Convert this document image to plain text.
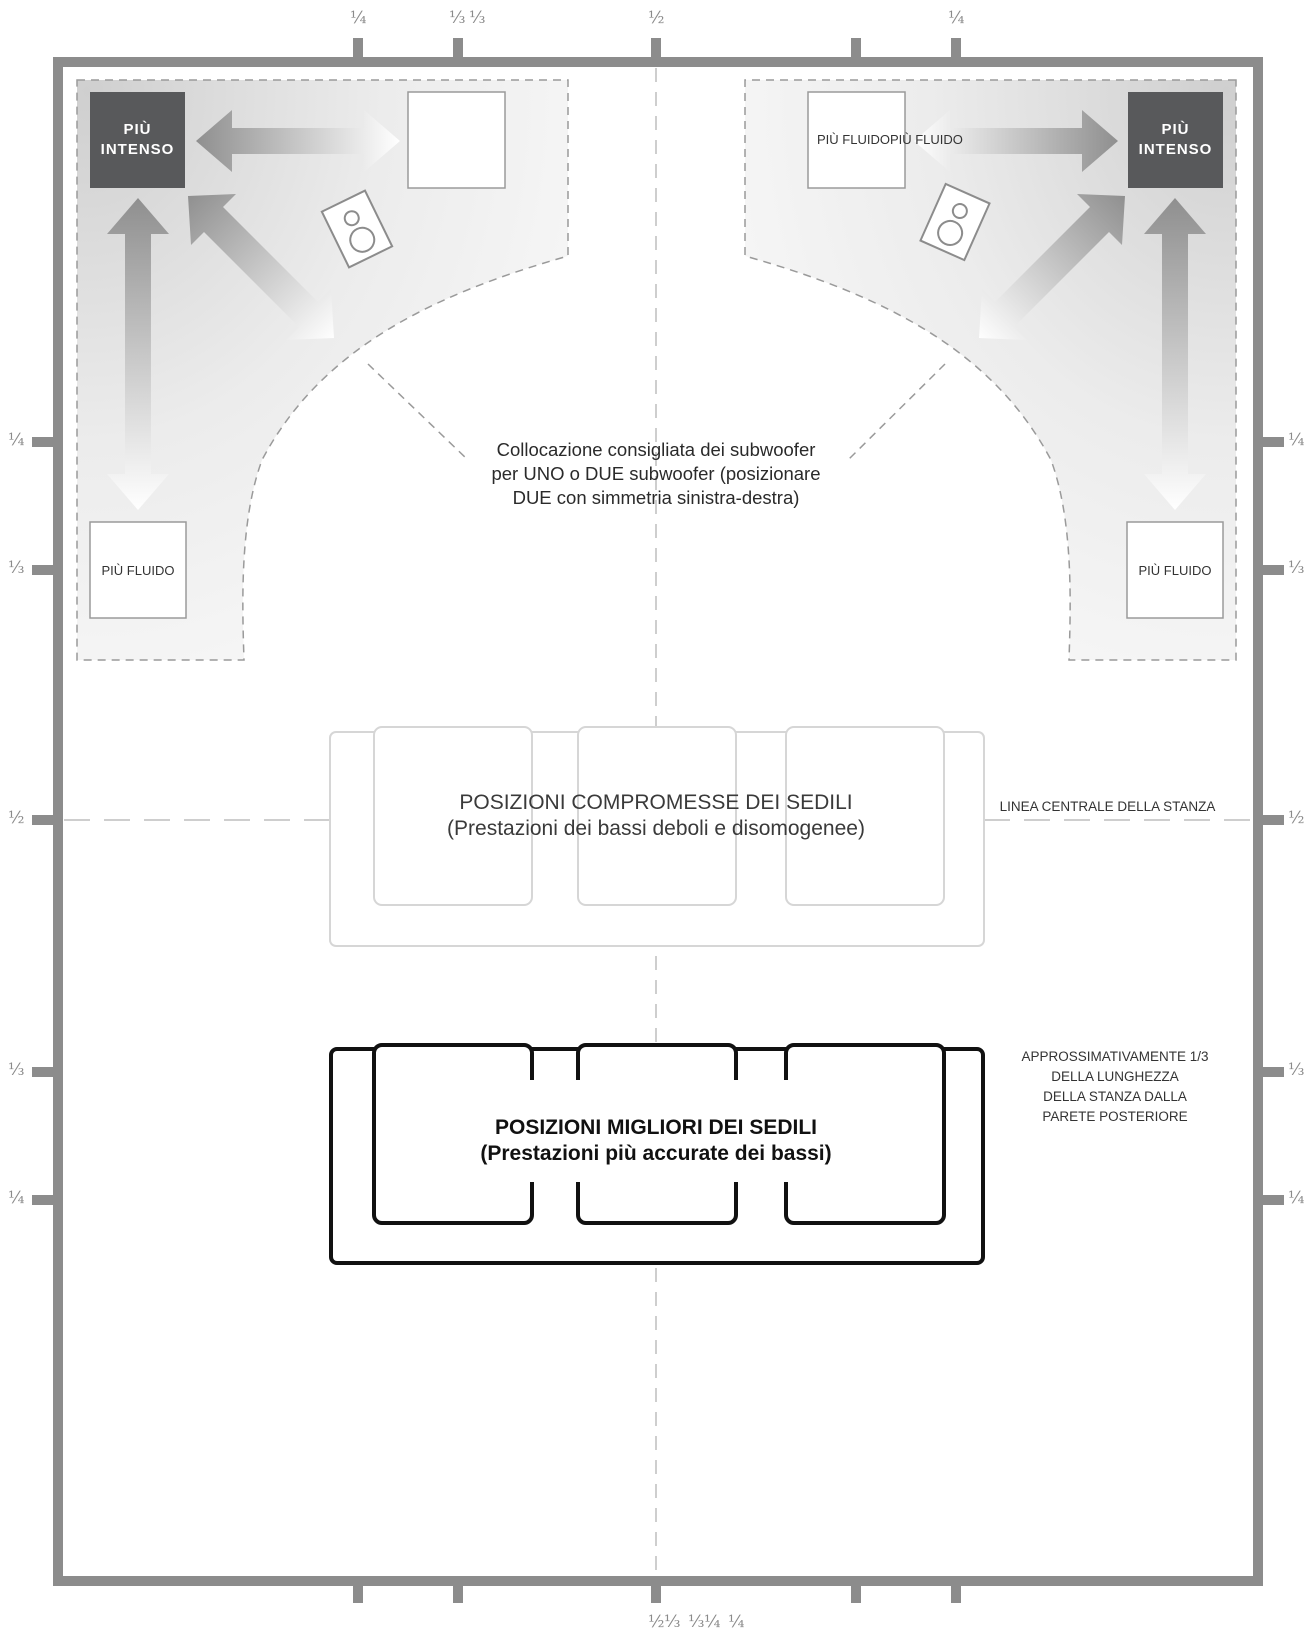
¼	⅓ ⅓	½	¼
½ ⅓ ⅓ ¼ ¼
¼
⅓
½
⅓
¼
¼
⅓
½
⅓
¼
PIÙ
INTENSO
PIÙ FLUIDO
PIÙ
INTENSO
PIÙ FLUIDOPIÙ FLUIDO
PIÙ FLUIDO
Collocazione consigliata dei subwoofer
per UNO o DUE subwoofer (posizionare
DUE con simmetria sinistra-destra)
LINEA CENTRALE DELLA STANZA
POSIZIONI COMPROMESSE DEI SEDILI
(Prestazioni dei bassi deboli e disomogenee)
POSIZIONI MIGLIORI DEI SEDILI
(Prestazioni più accurate dei bassi)
APPROSSIMATIVAMENTE 1/3
DELLA LUNGHEZZA
DELLA STANZA DALLA
PARETE POSTERIORE
